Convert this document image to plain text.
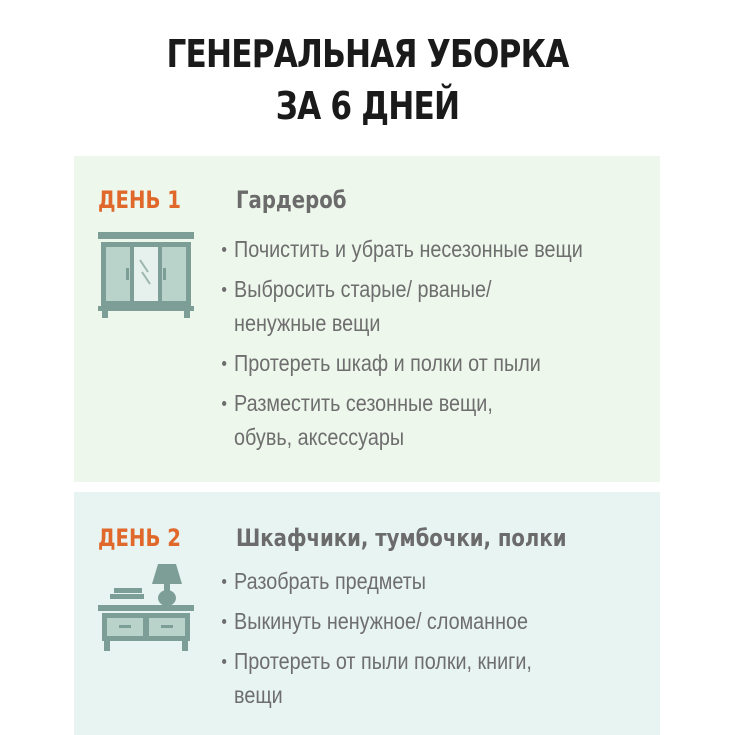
ГЕНЕРАЛЬНАЯ УБОРКА
ЗА 6 ДНЕЙ
ДЕНЬ 1 Гардероб
Почистить и убрать несезонные вещи
Выбросить старые/ рваные/
ненужные вещи
Протереть шкаф и полки от пыли
Разместить сезонные вещи,
обувь, аксессуары
ДЕНЬ 2 Шкафчики, тумбочки, полки
Разобрать предметы
Выкинуть ненужное/ сломанное
Протереть от пыли полки, книги,
вещи
